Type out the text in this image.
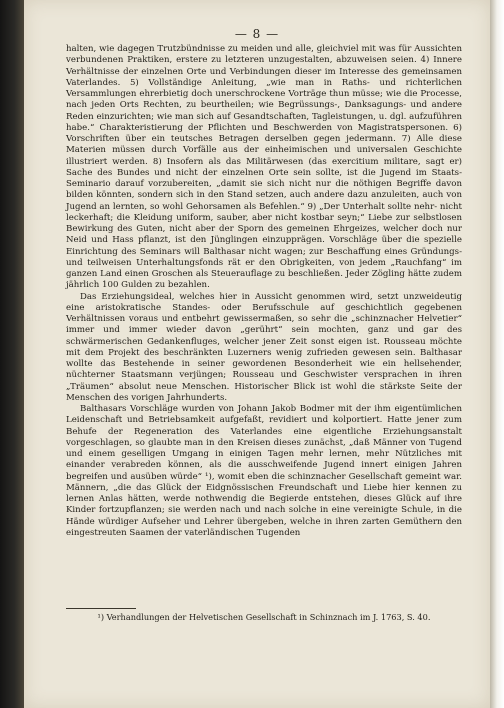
— 8 —

halten, wie dagegen Trutzbündnisse zu meiden und alle, gleichviel mit was für Aussichten verbundenen Praktiken, erstere zu letzteren unzugestalten, abzuweisen seien. 4) Innere Verhältnisse der einzelnen Orte und Verbindungen dieser im Interesse des gemeinsamen Vaterlandes. 5) Vollständige Anleitung, „wie man in Raths- und richterlichen Versammlungen ehrerbietig doch unerschrockene Vorträge thun müsse; wie die Processe, nach jeden Orts Rechten, zu beurtheilen; wie Begrüssungs-, Danksagungs- und andere Reden einzurichten; wie man sich auf Gesandtschaften, Tagleistungen, u. dgl. aufzuführen habe.“ Charakteristierung der Pflichten und Beschwerden von Magistratspersonen. 6) Vorschriften über ein teutsches Betragen derselben gegen jedermann. 7) Alle diese Materien müssen durch Vorfälle aus der einheimischen und universalen Geschichte illustriert werden. 8) Insofern als das Militärwesen (das exercitium militare, sagt er) Sache des Bundes und nicht der einzelnen Orte sein sollte, ist die Jugend im Staats-Seminario darauf vorzubereiten, „damit sie sich nicht nur die nöthigen Begriffe davon bilden könnten, sondern sich in den Stand setzen, auch andere dazu anzuleiten, auch von Jugend an lernten, so wohl Gehorsamen als Befehlen.“ 9) „Der Unterhalt sollte nehr- nicht leckerhaft; die Kleidung uniform, sauber, aber nicht kostbar seyn;“ Liebe zur selbstlosen Bewirkung des Guten, nicht aber der Sporn des gemeinen Ehrgeizes, welcher doch nur Neid und Hass pflanzt, ist den Jünglingen einzupprägen. Vorschläge über die spezielle Einrichtung des Seminars will Balthasar nicht wagen; zur Beschaffung eines Gründungs- und teilweisen Unterhaltungsfonds rät er den Obrigkeiten, von jedem „Rauchfang“ im ganzen Land einen Groschen als Steuerauflage zu beschließen. Jeder Zögling hätte zudem jährlich 100 Gulden zu bezahlen.

Das Erziehungsideal, welches hier in Aussicht genommen wird, setzt unzweideutig eine aristokratische Standes- oder Berufsschule auf geschichtlich gegebenen Verhältnissen voraus und entbehrt gewissermaßen, so sehr die „schinznacher Helvetier“ immer und immer wieder davon „gerührt“ sein mochten, ganz und gar des schwärmerischen Gedankenfluges, welcher jener Zeit sonst eigen ist. Rousseau möchte mit dem Projekt des beschränkten Luzerners wenig zufrieden gewesen sein. Balthasar wollte das Bestehende in seiner gewordenen Besonderheit wie ein hellsehender, nüchterner Staatsmann verjüngen; Rousseau und Geschwister versprachen in ihren „Träumen“ absolut neue Menschen. Historischer Blick ist wohl die stärkste Seite der Menschen des vorigen Jahrhunderts.

Balthasars Vorschläge wurden von Johann Jakob Bodmer mit der ihm eigentümlichen Leidenschaft und Betriebsamkeit aufgefaßt, revidiert und kolportiert. Hatte jener zum Behufe der Regeneration des Vaterlandes eine eigentliche Erziehungsanstalt vorgeschlagen, so glaubte man in den Kreisen dieses zunächst, „daß Männer von Tugend und einem geselligen Umgang in einigen Tagen mehr lernen, mehr Nützliches mit einander verabreden können, als die ausschweifende Jugend innert einigen Jahren begreifen und ausüben würde“ ¹), womit eben die schinznacher Gesellschaft gemeint war. Männern, „die das Glück der Eidgnössischen Freundschaft und Liebe hier kennen zu lernen Anlas hätten, werde nothwendig die Begierde entstehen, dieses Glück auf ihre Kinder fortzupflanzen; sie werden nach und nach solche in eine vereinigte Schule, in die Hände würdiger Aufseher und Lehrer übergeben, welche in ihren zarten Gemüthern den eingestreuten Saamen der vaterländischen Tugenden

¹) Verhandlungen der Helvetischen Gesellschaft in Schinznach im J. 1763, S. 40.
